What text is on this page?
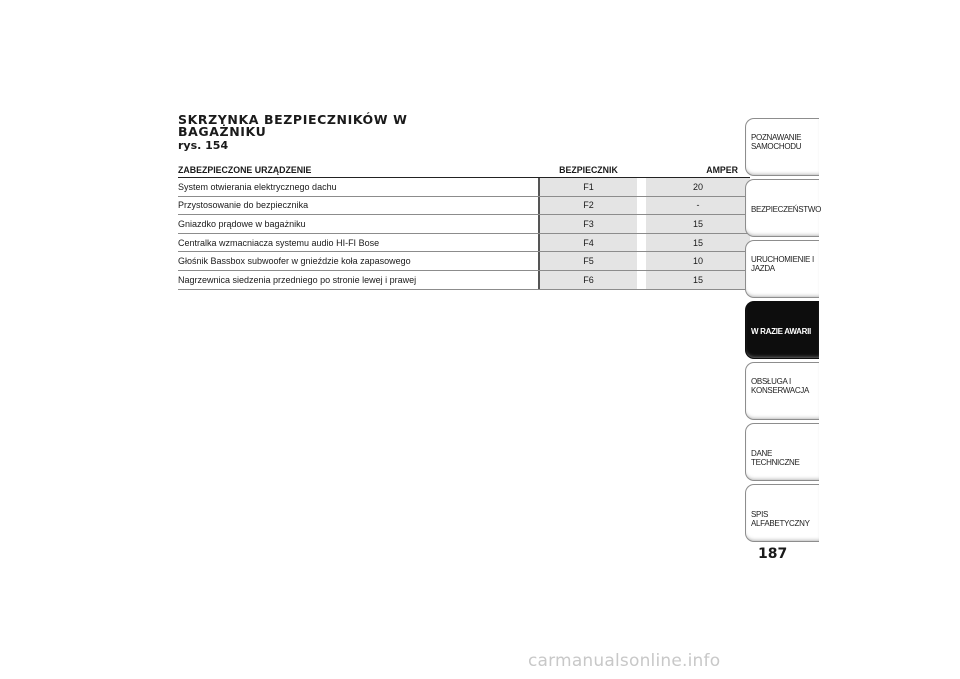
SKRZYNKA BEZPIECZNIKÓW W BAGAŻNIKU
rys. 154
ZABEZPIECZONE URZĄDZENIE		BEZPIECZNIK		AMPER
System otwierania elektrycznego dachu		F1		20
Przystosowanie do bezpiecznika		F2		-
Gniazdko prądowe w bagażniku		F3		15
Centralka wzmacniacza systemu audio HI-FI Bose		F4		15
Głośnik Bassbox subwoofer w gnieździe koła zapasowego		F5		10
Nagrzewnica siedzenia przedniego po stronie lewej i prawej		F6		15
POZNAWANIE SAMOCHODU
BEZPIECZEŃSTWO
URUCHOMIENIE I JAZDA
W RAZIE AWARII
OBSŁUGA I KONSERWACJA
DANE TECHNICZNE
SPIS ALFABETYCZNY
187
carmanualsonline.info
